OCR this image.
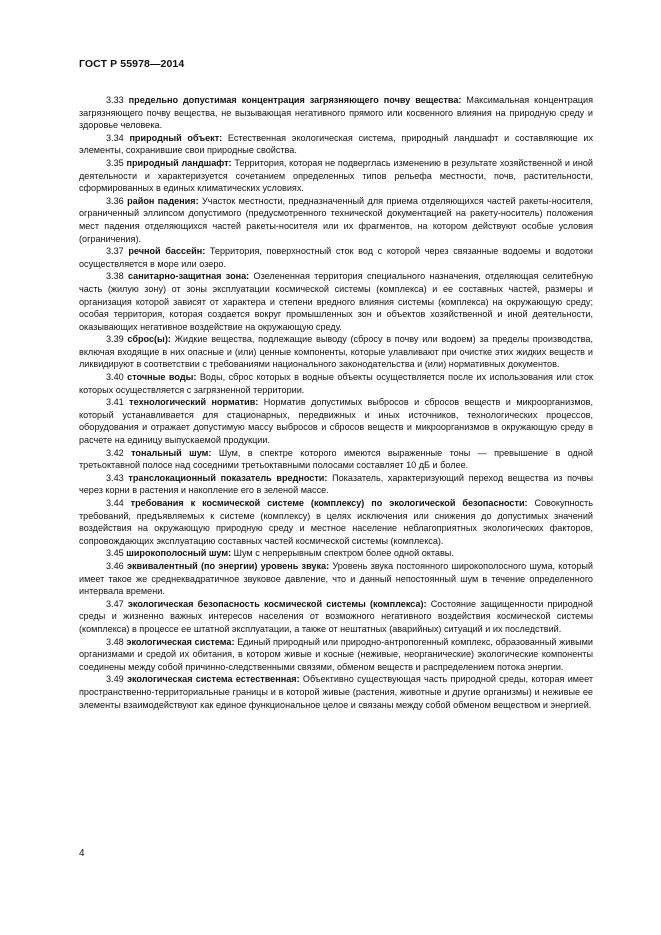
ГОСТ Р 55978—2014

3.33 предельно допустимая концентрация загрязняющего почву вещества: Максимальная концентрация загрязняющего почву вещества, не вызывающая негативного прямого или косвенного влияния на природную среду и здоровье человека.

3.34 природный объект: Естественная экологическая система, природный ландшафт и составляющие их элементы, сохранившие свои природные свойства.

3.35 природный ландшафт: Территория, которая не подверглась изменению в результате хозяйственной и иной деятельности и характеризуется сочетанием определенных типов рельефа местности, почв, растительности, сформированных в единых климатических условиях.

3.36 район падения: Участок местности, предназначенный для приема отделяющихся частей ракеты-носителя, ограниченный эллипсом допустимого (предусмотренного технической документацией на ракету-носитель) положения мест падения отделяющихся частей ракеты-носителя или их фрагментов, на котором действуют особые условия (ограничения).

3.37 речной бассейн: Территория, поверхностный сток вод с которой через связанные водоемы и водотоки осуществляется в море или озеро.

3.38 санитарно-защитная зона: Озелененная территория специального назначения, отделяющая селитебную часть (жилую зону) от зоны эксплуатации космической системы (комплекса) и ее составных частей, размеры и организация которой зависят от характера и степени вредного влияния системы (комплекса) на окружающую среду; особая территория, которая создается вокруг промышленных зон и объектов хозяйственной и иной деятельности, оказывающих негативное воздействие на окружающую среду.

3.39 сброс(ы): Жидкие вещества, подлежащие выводу (сбросу в почву или водоем) за пределы производства, включая входящие в них опасные и (или) ценные компоненты, которые улавливают при очистке этих жидких веществ и ликвидируют в соответствии с требованиями национального законодательства и (или) нормативных документов.

3.40 сточные воды: Воды, сброс которых в водные объекты осуществляется после их использования или сток которых осуществляется с загрязненной территории.

3.41 технологический норматив: Норматив допустимых выбросов и сбросов веществ и микроорганизмов, который устанавливается для стационарных, передвижных и иных источников, технологических процессов, оборудования и отражает допустимую массу выбросов и сбросов веществ и микроорганизмов в окружающую среду в расчете на единицу выпускаемой продукции.

3.42 тональный шум: Шум, в спектре которого имеются выраженные тоны — превышение в одной третьоктавной полосе над соседними третьоктавными полосами составляет 10 дБ и более.

3.43 транслокационный показатель вредности: Показатель, характеризующий переход вещества из почвы через корни в растения и накопление его в зеленой массе.

3.44 требования к космической системе (комплексу) по экологической безопасности: Совокупность требований, предъявляемых к системе (комплексу) в целях исключения или снижения до допустимых значений воздействия на окружающую природную среду и местное население неблагоприятных экологических факторов, сопровождающих эксплуатацию составных частей космической системы (комплекса).

3.45 широкополосный шум: Шум с непрерывным спектром более одной октавы.

3.46 эквивалентный (по энергии) уровень звука: Уровень звука постоянного широкополосного шума, который имеет такое же среднеквадратичное звуковое давление, что и данный непостоянный шум в течение определенного интервала времени.

3.47 экологическая безопасность космической системы (комплекса): Состояние защищенности природной среды и жизненно важных интересов населения от возможного негативного воздействия космической системы (комплекса) в процессе ее штатной эксплуатации, а также от нештатных (аварийных) ситуаций и их последствий.

3.48 экологическая система: Единый природный или природно-антропогенный комплекс, образованный живыми организмами и средой их обитания, в котором живые и косные (неживые, неорганические) экологические компоненты соединены между собой причинно-следственными связями, обменом веществ и распределением потока энергии.

3.49 экологическая система естественная: Объективно существующая часть природной среды, которая имеет пространственно-территориальные границы и в которой живые (растения, животные и другие организмы) и неживые ее элементы взаимодействуют как единое функциональное целое и связаны между собой обменом веществом и энергией.

4
